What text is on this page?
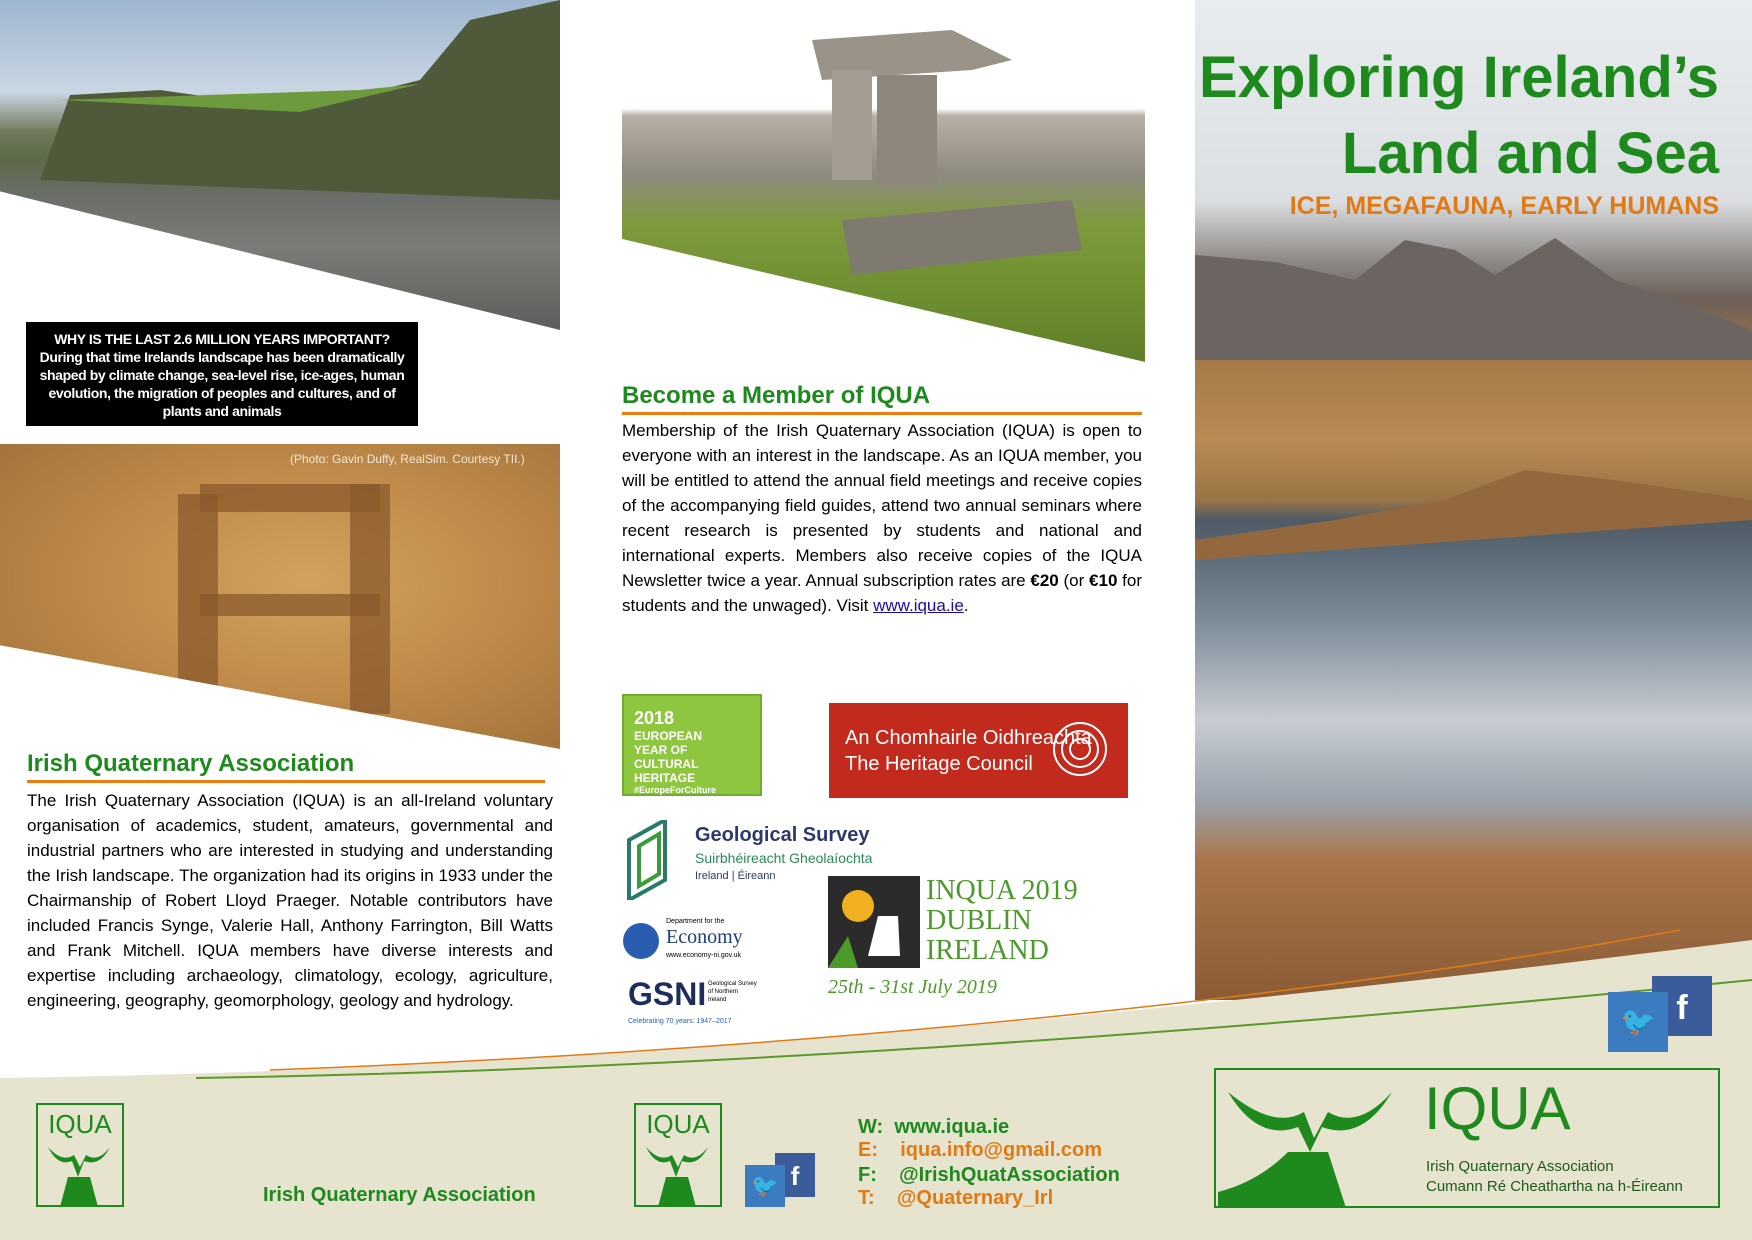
(Photo: Gavin Duffy, RealSim. Courtesy TII.)
Exploring Ireland’s
Land and Sea
ICE, MEGAFAUNA, EARLY HUMANS
WHY IS THE LAST 2.6 MILLION YEARS IMPORTANT?
During that time Irelands landscape has been dramatically shaped by climate change, sea-level rise, ice-ages, human evolution, the migration of peoples and cultures, and of plants and animals
Irish Quaternary Association
The Irish Quaternary Association (IQUA) is an all-Ireland voluntary organisation of academics, student, amateurs, governmental and industrial partners who are interested in studying and understanding the Irish landscape. The organization had its origins in 1933 under the Chairmanship of Robert Lloyd Praeger. Notable contributors have included Francis Synge, Valerie Hall, Anthony Farrington, Bill Watts and Frank Mitchell. IQUA members have diverse interests and expertise including archaeology, climatology, ecology, agriculture, engineering, geography, geomorphology, geology and hydrology.
Become a Member of IQUA
Membership of the Irish Quaternary Association (IQUA) is open to everyone with an interest in the landscape. As an IQUA member, you will be entitled to attend the annual field meetings and receive copies of the accompanying field guides, attend two annual seminars where recent research is presented by students and national and international experts. Members also receive copies of the IQUA Newsletter twice a year. Annual subscription rates are €20 (or €10 for students and the unwaged). Visit www.iqua.ie.
2018
EUROPEAN YEAR OF CULTURAL HERITAGE
#EuropeForCulture
An Chomhairle Oidhreachta
The Heritage Council
Geological Survey
Suirbhéireacht Gheolaíochta
Ireland | Éireann
Department for the
Economy
www.economy-ni.gov.uk
GSNI Geological Survey of Northern Ireland
Celebrating 70 years: 1947–2017
INQUA 2019
DUBLIN
IRELAND
25th - 31st July 2019
f
🐦
f
🐦
IQUA	IQUA
Irish Quaternary Association
W: www.iqua.ie
E: iqua.info@gmail.com
F: @IrishQuatAssociation
T: @Quaternary_Irl
IQUA
Irish Quaternary Association
Cumann Ré Cheathartha na h-Éireann
